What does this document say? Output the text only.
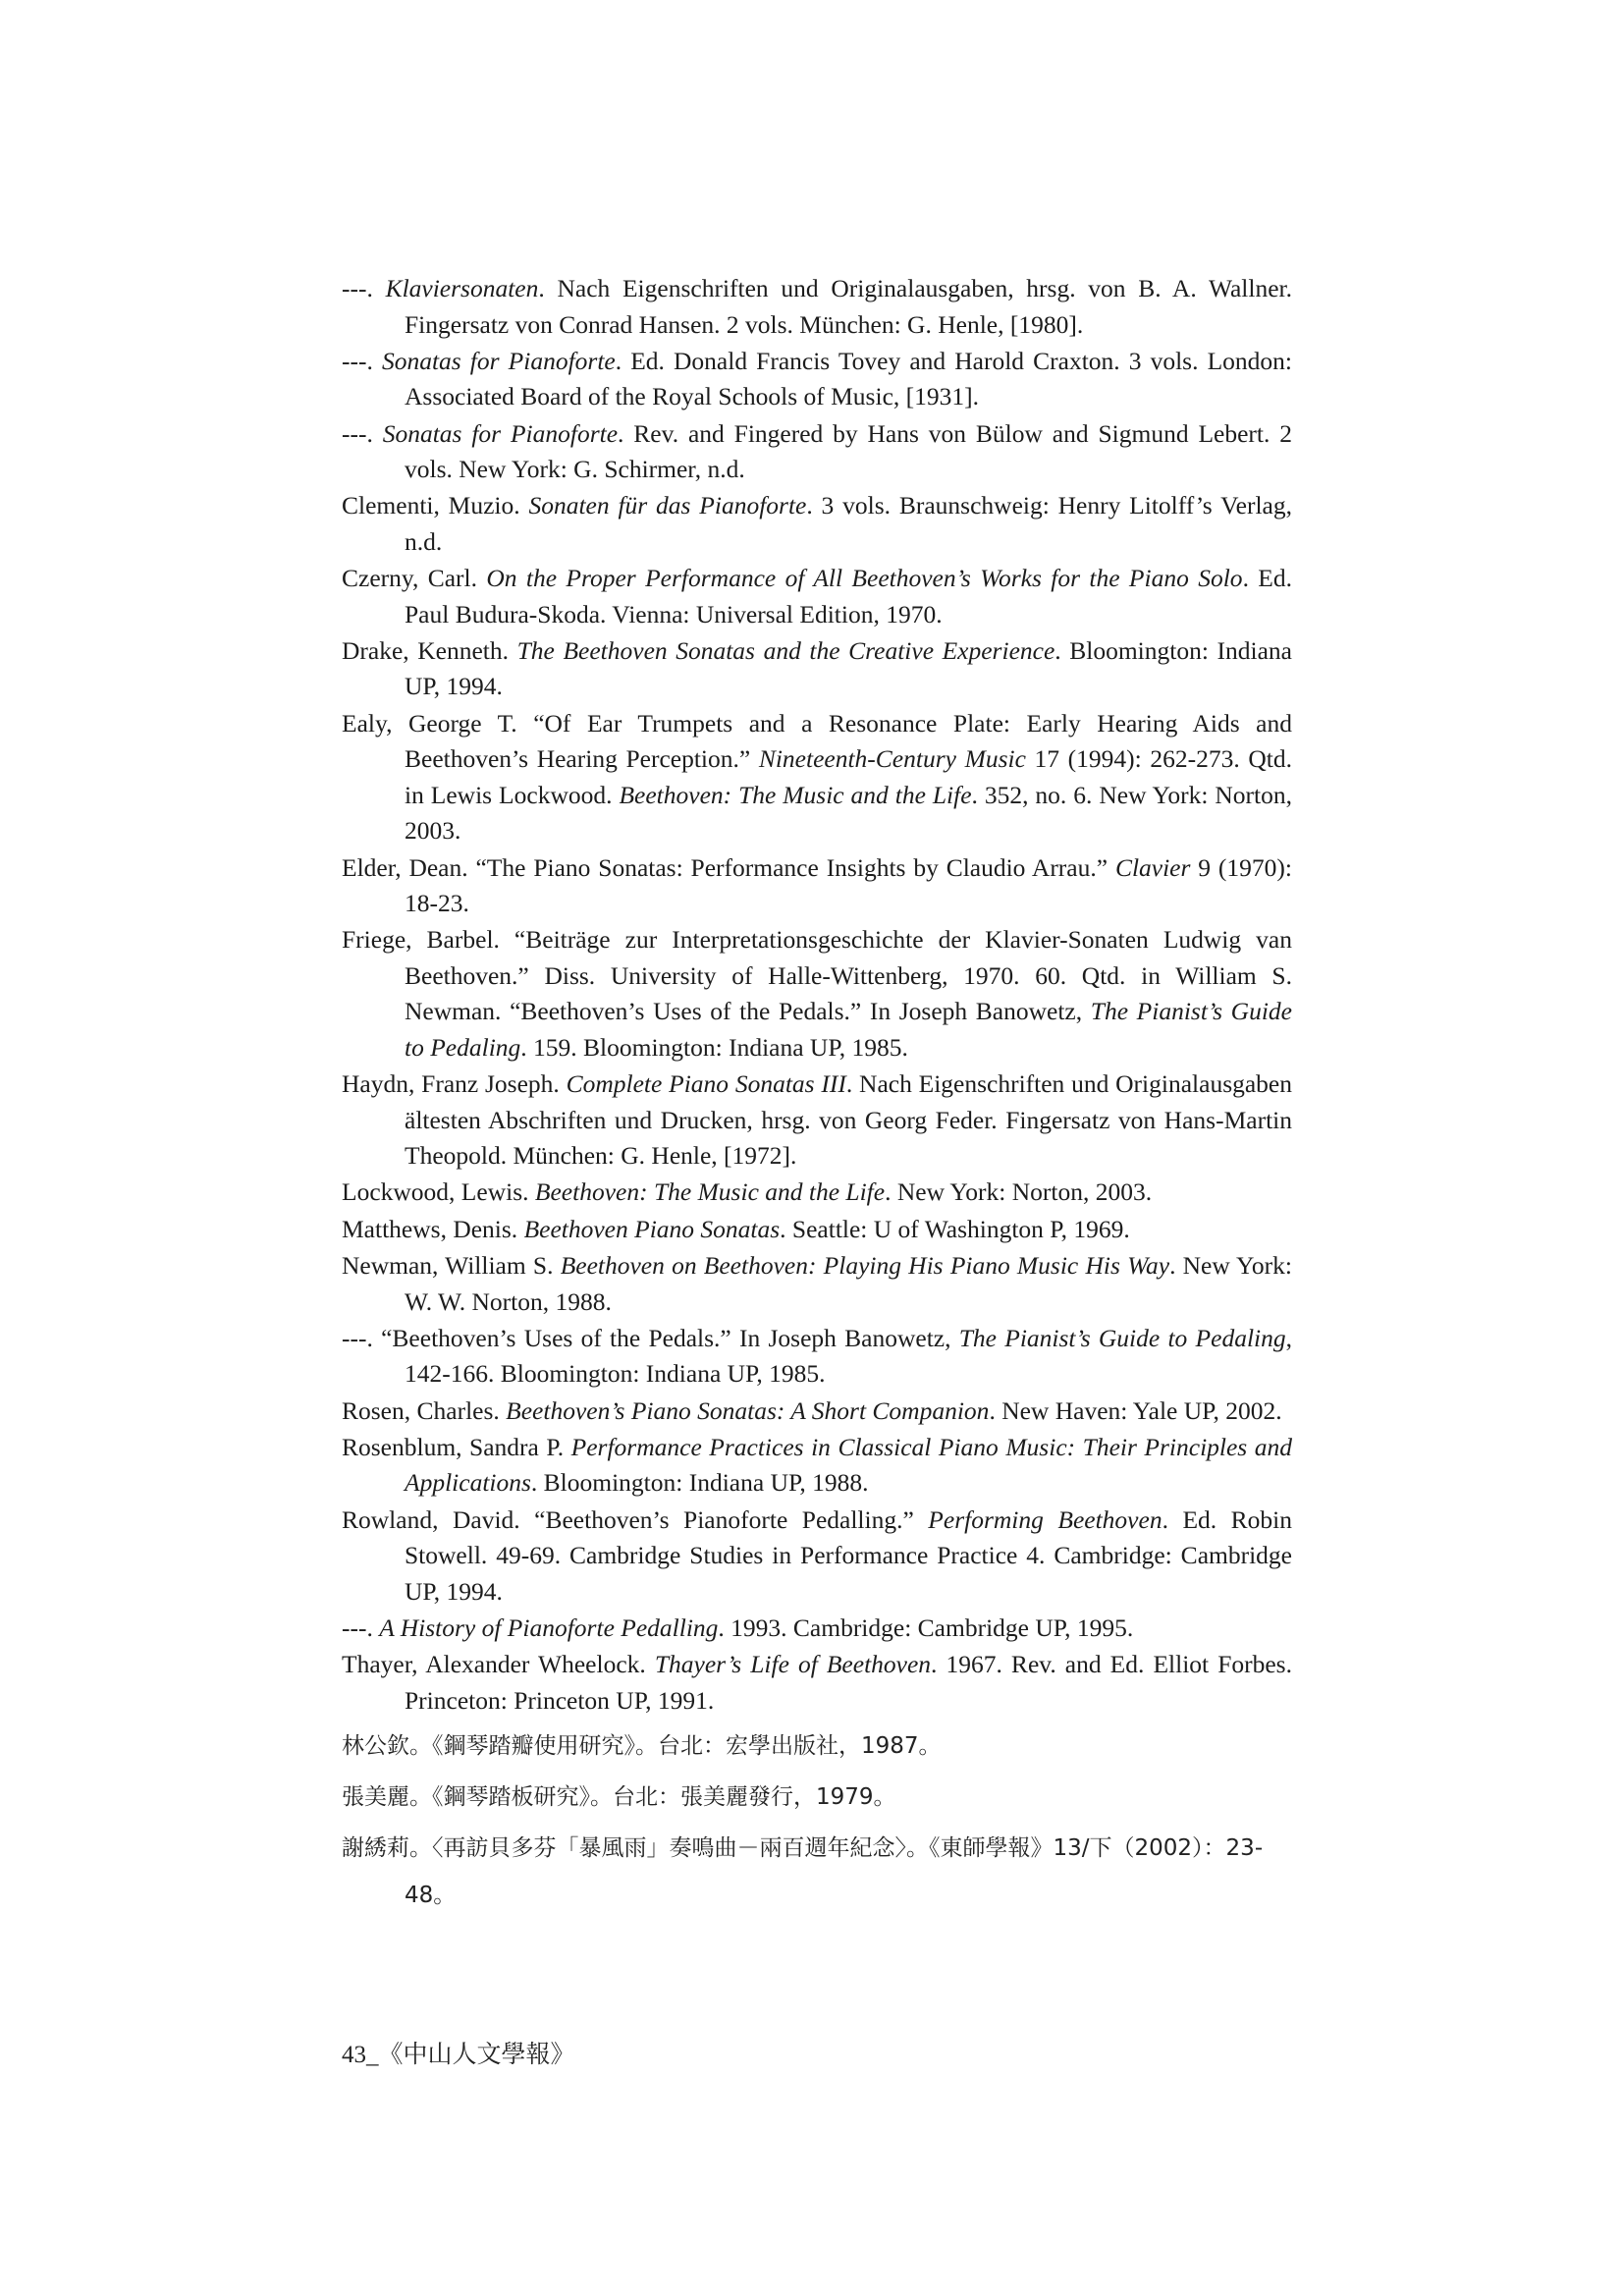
---. Klaviersonaten. Nach Eigenschriften und Originalausgaben, hrsg. von B. A. Wallner. Fingersatz von Conrad Hansen. 2 vols. München: G. Henle, [1980].

---. Sonatas for Pianoforte. Ed. Donald Francis Tovey and Harold Craxton. 3 vols. London: Associated Board of the Royal Schools of Music, [1931].

---. Sonatas for Pianoforte. Rev. and Fingered by Hans von Bülow and Sigmund Lebert. 2 vols. New York: G. Schirmer, n.d.

Clementi, Muzio. Sonaten für das Pianoforte. 3 vols. Braunschweig: Henry Litolff’s Verlag, n.d.

Czerny, Carl. On the Proper Performance of All Beethoven’s Works for the Piano Solo. Ed. Paul Budura-Skoda. Vienna: Universal Edition, 1970.

Drake, Kenneth. The Beethoven Sonatas and the Creative Experience. Bloomington: Indiana UP, 1994.

Ealy, George T. “Of Ear Trumpets and a Resonance Plate: Early Hearing Aids and Beethoven’s Hearing Perception.” Nineteenth-Century Music 17 (1994): 262-273. Qtd. in Lewis Lockwood. Beethoven: The Music and the Life. 352, no. 6. New York: Norton, 2003.

Elder, Dean. “The Piano Sonatas: Performance Insights by Claudio Arrau.” Clavier 9 (1970): 18-23.

Friege, Barbel. “Beiträge zur Interpretationsgeschichte der Klavier-Sonaten Ludwig van Beethoven.” Diss. University of Halle-Wittenberg, 1970. 60. Qtd. in William S. Newman. “Beethoven’s Uses of the Pedals.” In Joseph Banowetz, The Pianist’s Guide to Pedaling. 159. Bloomington: Indiana UP, 1985.

Haydn, Franz Joseph. Complete Piano Sonatas III. Nach Eigenschriften und Originalausgaben ältesten Abschriften und Drucken, hrsg. von Georg Feder. Fingersatz von Hans-Martin Theopold. München: G. Henle, [1972].

Lockwood, Lewis. Beethoven: The Music and the Life. New York: Norton, 2003.

Matthews, Denis. Beethoven Piano Sonatas. Seattle: U of Washington P, 1969.

Newman, William S. Beethoven on Beethoven: Playing His Piano Music His Way. New York: W. W. Norton, 1988.

---. “Beethoven’s Uses of the Pedals.” In Joseph Banowetz, The Pianist’s Guide to Pedaling, 142-166. Bloomington: Indiana UP, 1985.

Rosen, Charles. Beethoven’s Piano Sonatas: A Short Companion. New Haven: Yale UP, 2002.

Rosenblum, Sandra P. Performance Practices in Classical Piano Music: Their Principles and Applications. Bloomington: Indiana UP, 1988.

Rowland, David. “Beethoven’s Pianoforte Pedalling.” Performing Beethoven. Ed. Robin Stowell. 49-69. Cambridge Studies in Performance Practice 4. Cambridge: Cambridge UP, 1994.

---. A History of Pianoforte Pedalling. 1993. Cambridge: Cambridge UP, 1995.

Thayer, Alexander Wheelock. Thayer’s Life of Beethoven. 1967. Rev. and Ed. Elliot Forbes. Princeton: Princeton UP, 1991.

林公欽。《鋼琴踏瓣使用研究》。台北：宏學出版社，1987。

張美麗。《鋼琴踏板研究》。台北：張美麗發行，1979。

謝綉莉。〈再訪貝多芬「暴風雨」奏鳴曲－兩百週年紀念〉。《東師學報》13/下（2002）：23-48。

43_《中山人文學報》
